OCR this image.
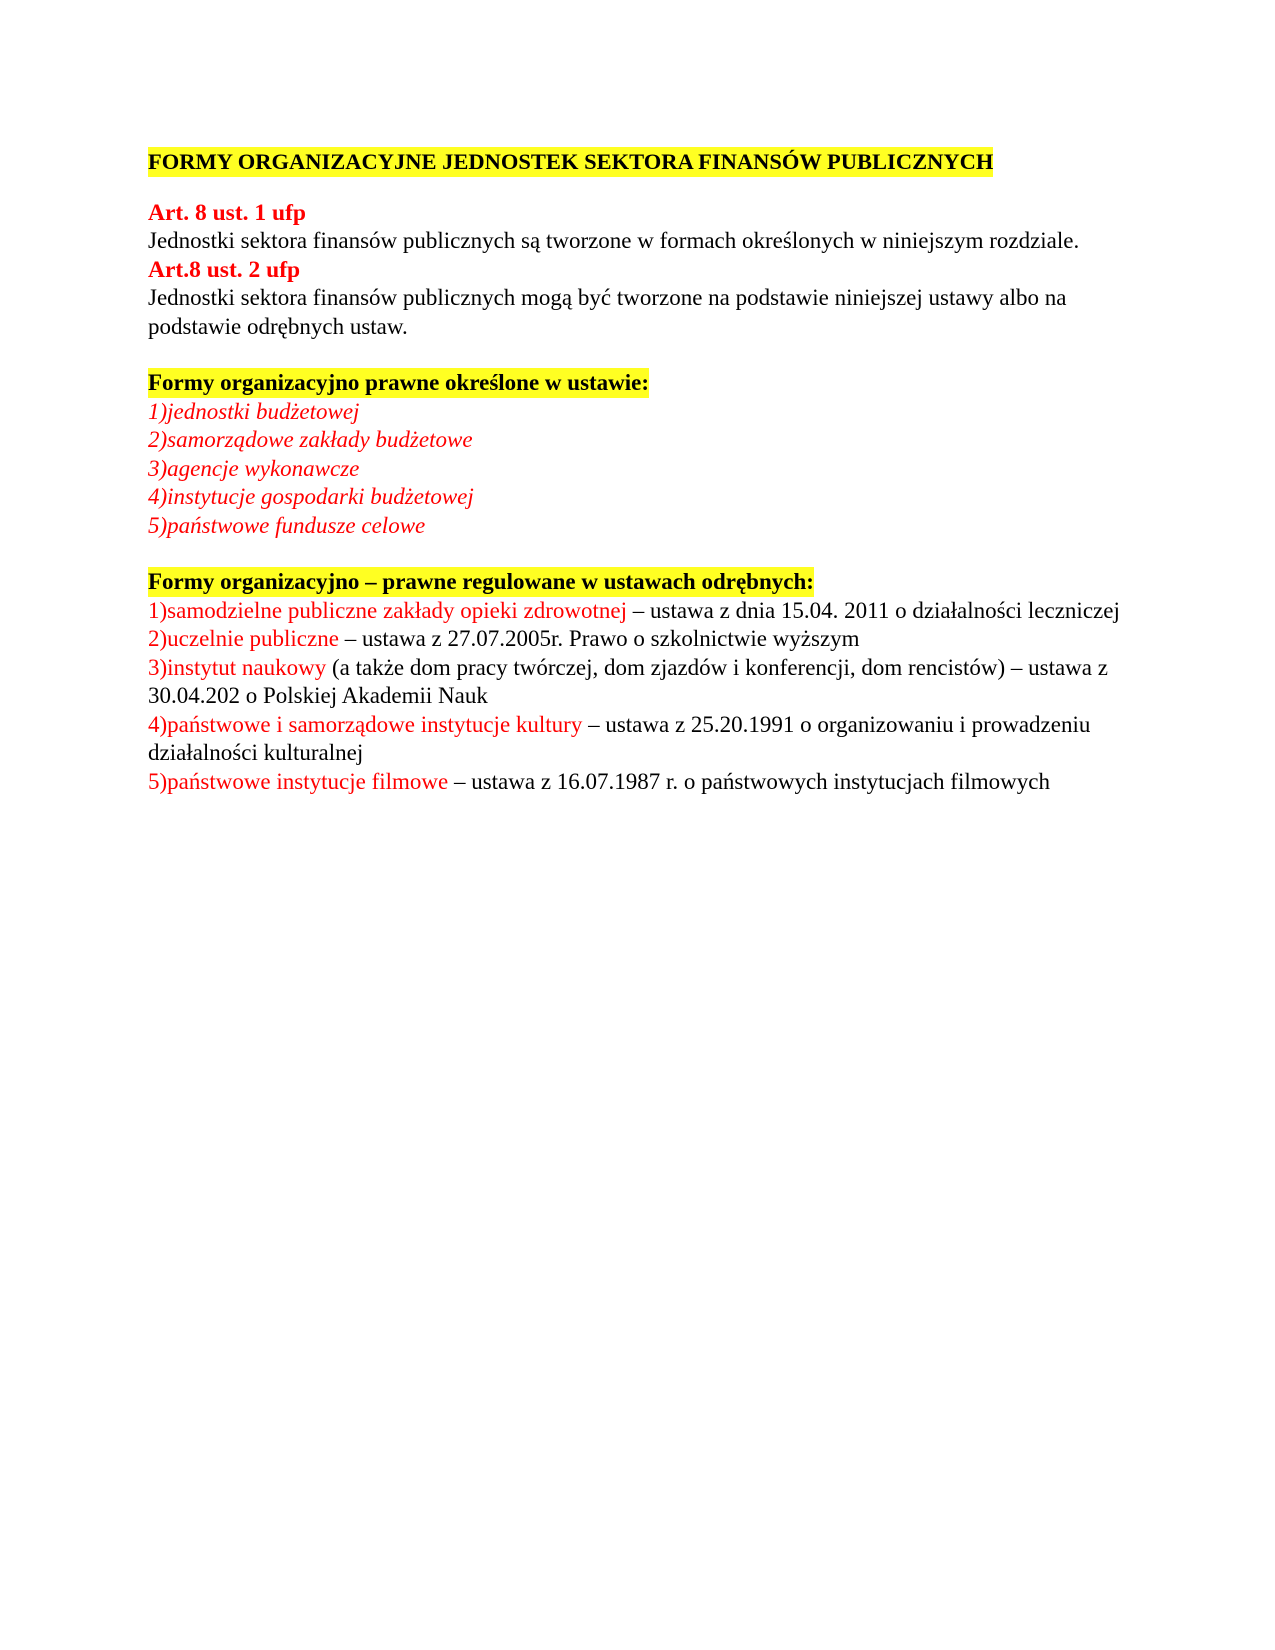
FORMY ORGANIZACYJNE JEDNOSTEK SEKTORA FINANSÓW PUBLICZNYCH

Art. 8 ust. 1 ufp

Jednostki sektora finansów publicznych są tworzone w formach określonych w niniejszym rozdziale.

Art.8 ust. 2 ufp

Jednostki sektora finansów publicznych mogą być tworzone na podstawie niniejszej ustawy albo na podstawie odrębnych ustaw.

Formy organizacyjno prawne określone w ustawie:

1)jednostki budżetowej
2)samorządowe zakłady budżetowe
3)agencje wykonawcze
4)instytucje gospodarki budżetowej
5)państwowe fundusze celowe

Formy organizacyjno – prawne regulowane w ustawach odrębnych:

1)samodzielne publiczne zakłady opieki zdrowotnej – ustawa z dnia 15.04. 2011 o działalności leczniczej
2)uczelnie publiczne – ustawa z 27.07.2005r. Prawo o szkolnictwie wyższym
3)instytut naukowy (a także dom pracy twórczej, dom zjazdów i konferencji, dom rencistów) – ustawa z 30.04.202 o Polskiej Akademii Nauk
4)państwowe i samorządowe instytucje kultury – ustawa z 25.20.1991 o organizowaniu i prowadzeniu działalności kulturalnej
5)państwowe instytucje filmowe – ustawa z 16.07.1987 r. o państwowych instytucjach filmowych
